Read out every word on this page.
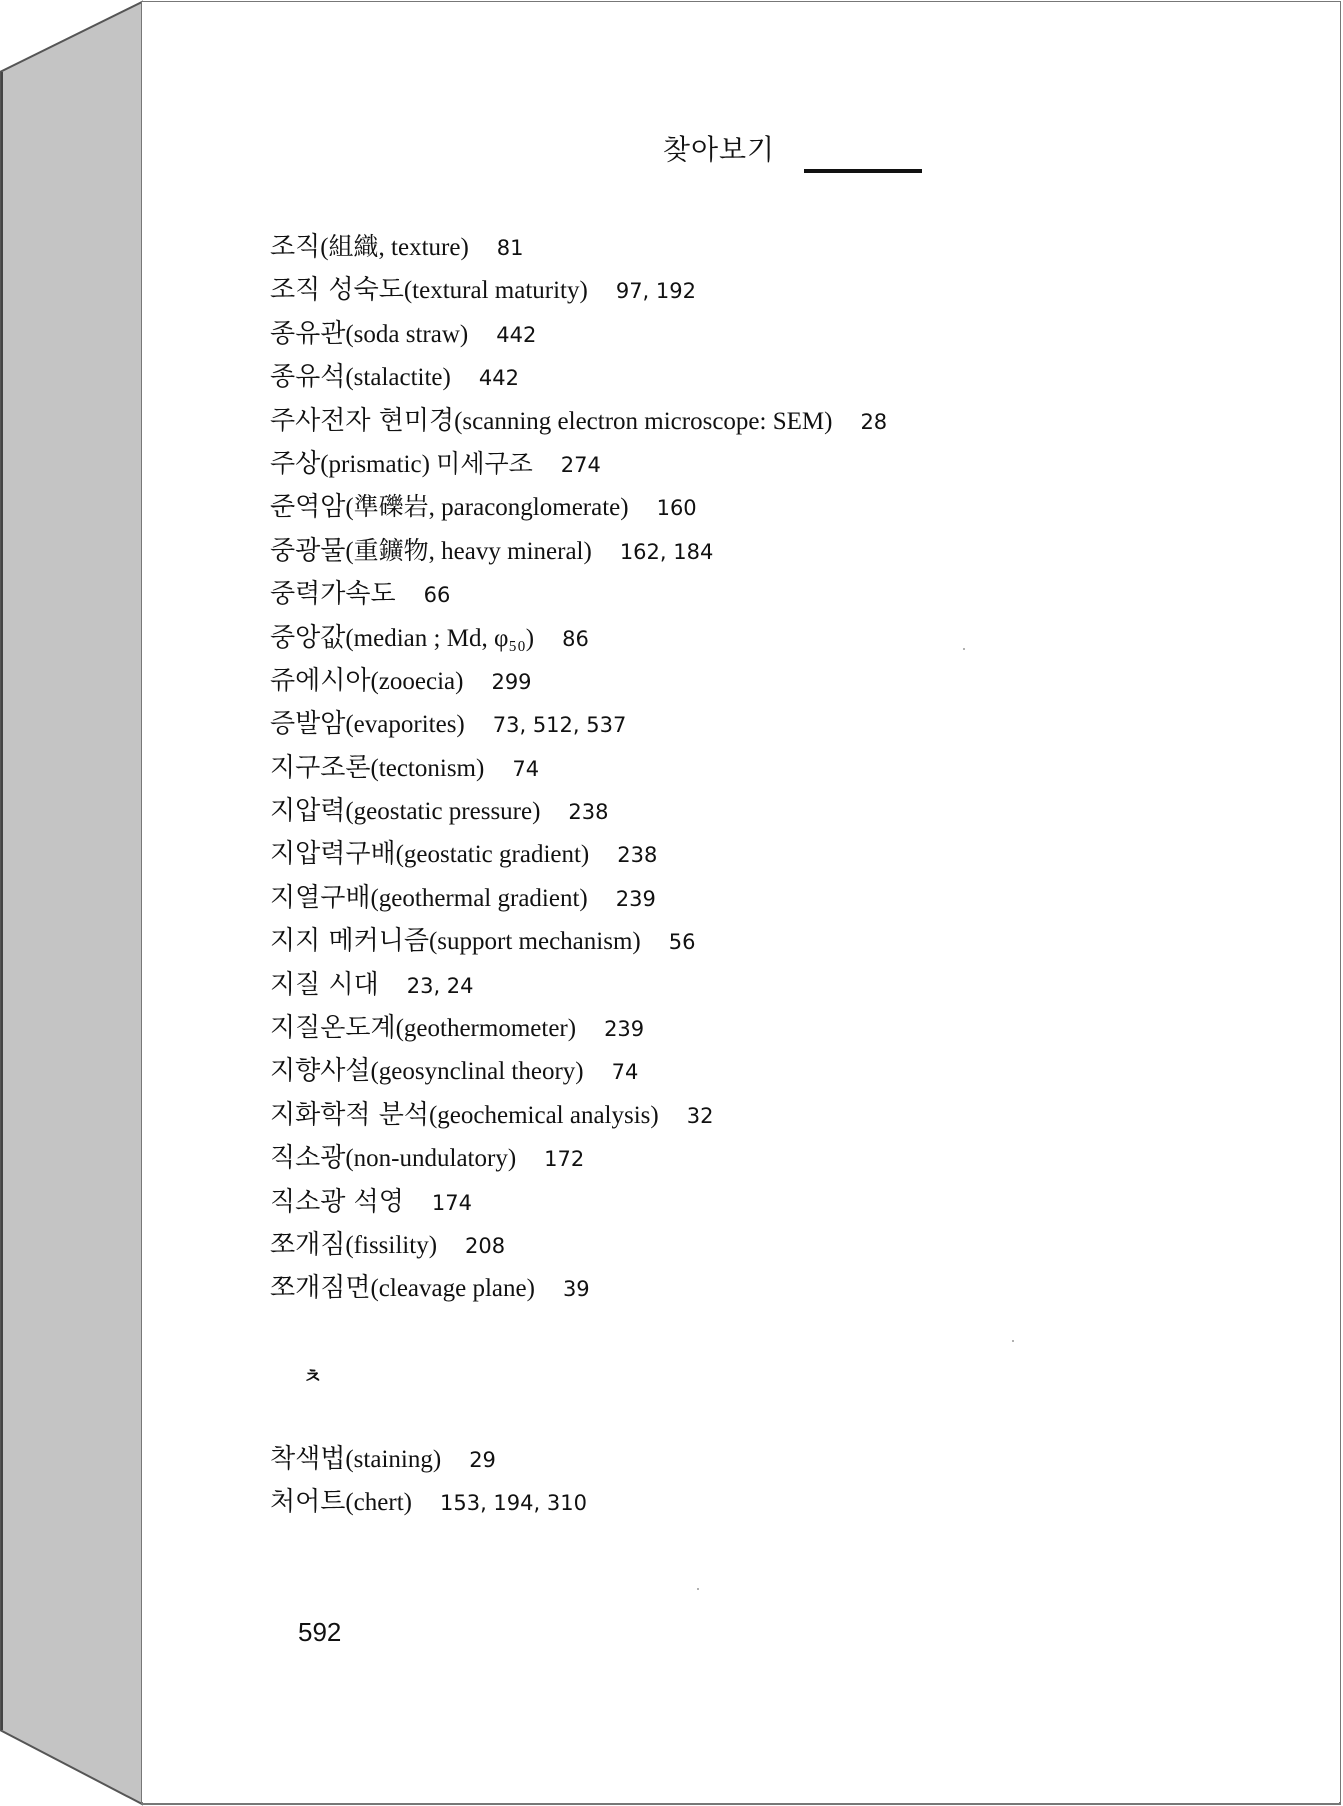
찾아보기
조직(組織, texture) 81
조직 성숙도(textural maturity) 97, 192
종유관(soda straw) 442
종유석(stalactite) 442
주사전자 현미경(scanning electron microscope: SEM) 28
주상(prismatic) 미세구조 274
준역암(準礫岩, paraconglomerate) 160
중광물(重鑛物, heavy mineral) 162, 184
중력가속도 66
중앙값(median ; Md, φ₅₀) 86
쥬에시아(zooecia) 299
증발암(evaporites) 73, 512, 537
지구조론(tectonism) 74
지압력(geostatic pressure) 238
지압력구배(geostatic gradient) 238
지열구배(geothermal gradient) 239
지지 메커니즘(support mechanism) 56
지질 시대 23, 24
지질온도계(geothermometer) 239
지향사설(geosynclinal theory) 74
지화학적 분석(geochemical analysis) 32
직소광(non-undulatory) 172
직소광 석영 174
쪼개짐(fissility) 208
쪼개짐면(cleavage plane) 39
ㅊ
착색법(staining) 29
처어트(chert) 153, 194, 310
592
